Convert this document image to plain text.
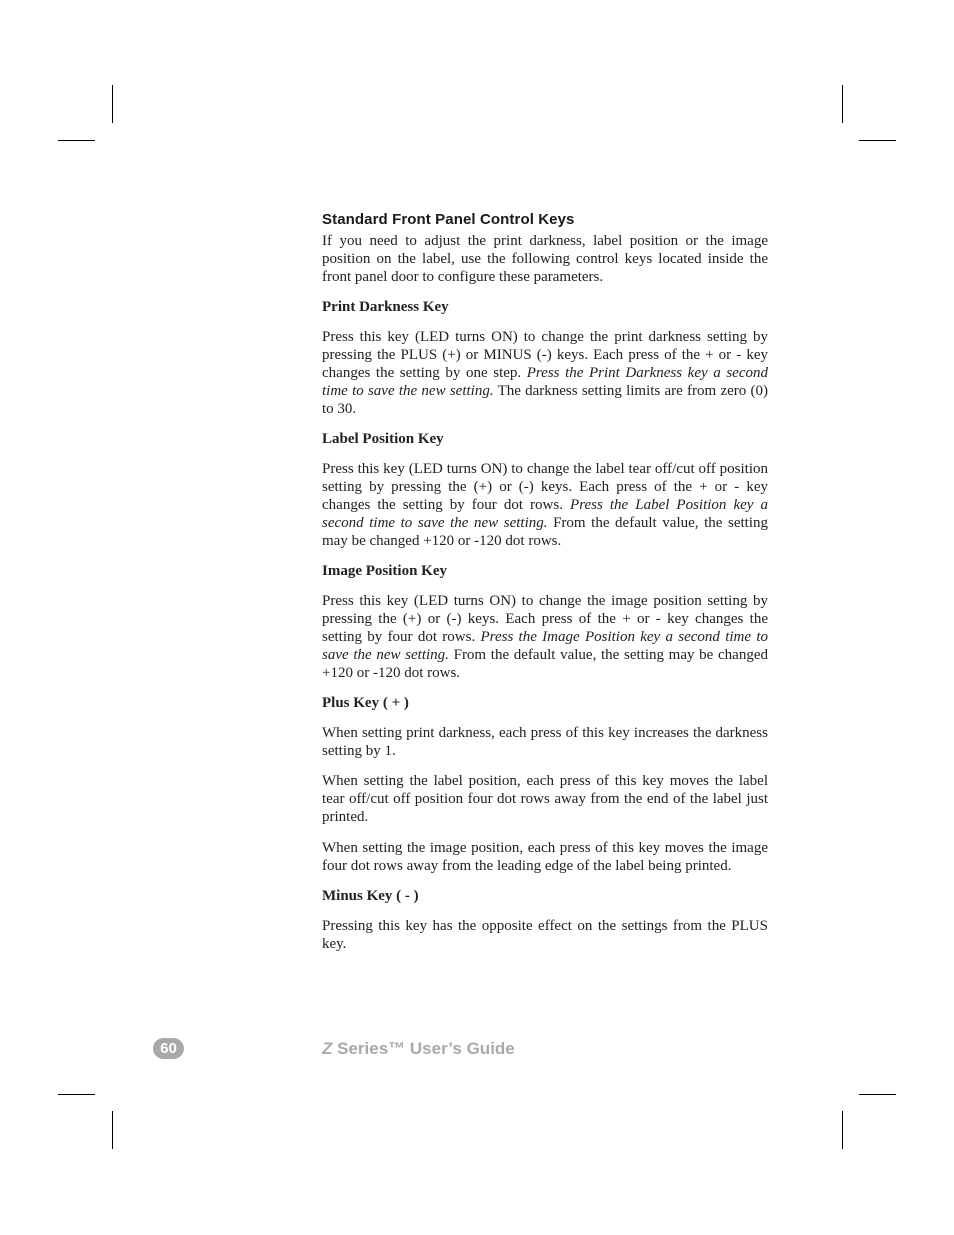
Standard Front Panel Control Keys

If you need to adjust the print darkness, label position or the image position on the label, use the following control keys located inside the front panel door to configure these parameters.

Print Darkness Key

Press this key (LED turns ON) to change the print darkness setting by pressing the PLUS (+) or MINUS (-) keys. Each press of the + or - key changes the setting by one step. Press the Print Darkness key a second time to save the new setting. The darkness setting limits are from zero (0) to 30.

Label Position Key

Press this key (LED turns ON) to change the label tear off/cut off position setting by pressing the (+) or (-) keys. Each press of the + or - key changes the setting by four dot rows. Press the Label Position key a second time to save the new setting. From the default value, the setting may be changed +120 or -120 dot rows.

Image Position Key

Press this key (LED turns ON) to change the image position setting by pressing the (+) or (-) keys. Each press of the + or - key changes the setting by four dot rows. Press the Image Position key a second time to save the new setting. From the default value, the setting may be changed +120 or -120 dot rows.

Plus Key ( + )

When setting print darkness, each press of this key increases the darkness setting by 1.

When setting the label position, each press of this key moves the label tear off/cut off position four dot rows away from the end of the label just printed.

When setting the image position, each press of this key moves the image four dot rows away from the leading edge of the label being printed.

Minus Key ( - )

Pressing this key has the opposite effect on the settings from the PLUS key.

60	Z Series™ User’s Guide
